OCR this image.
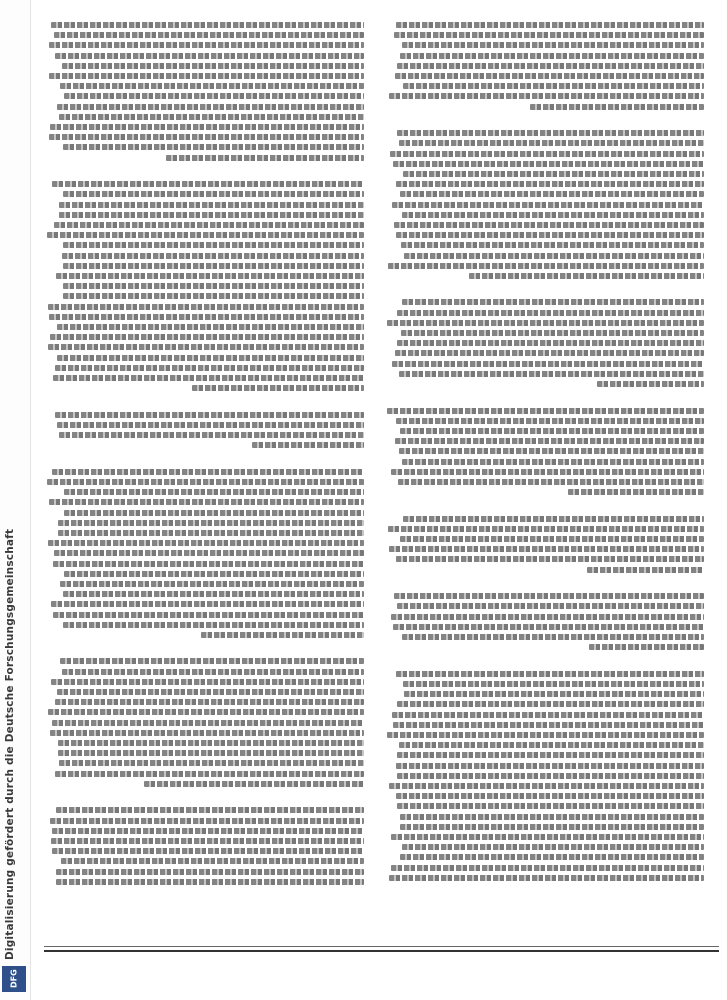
Digitalisierung gefördert durch die Deutsche Forschungsgemeinschaft
DFG
